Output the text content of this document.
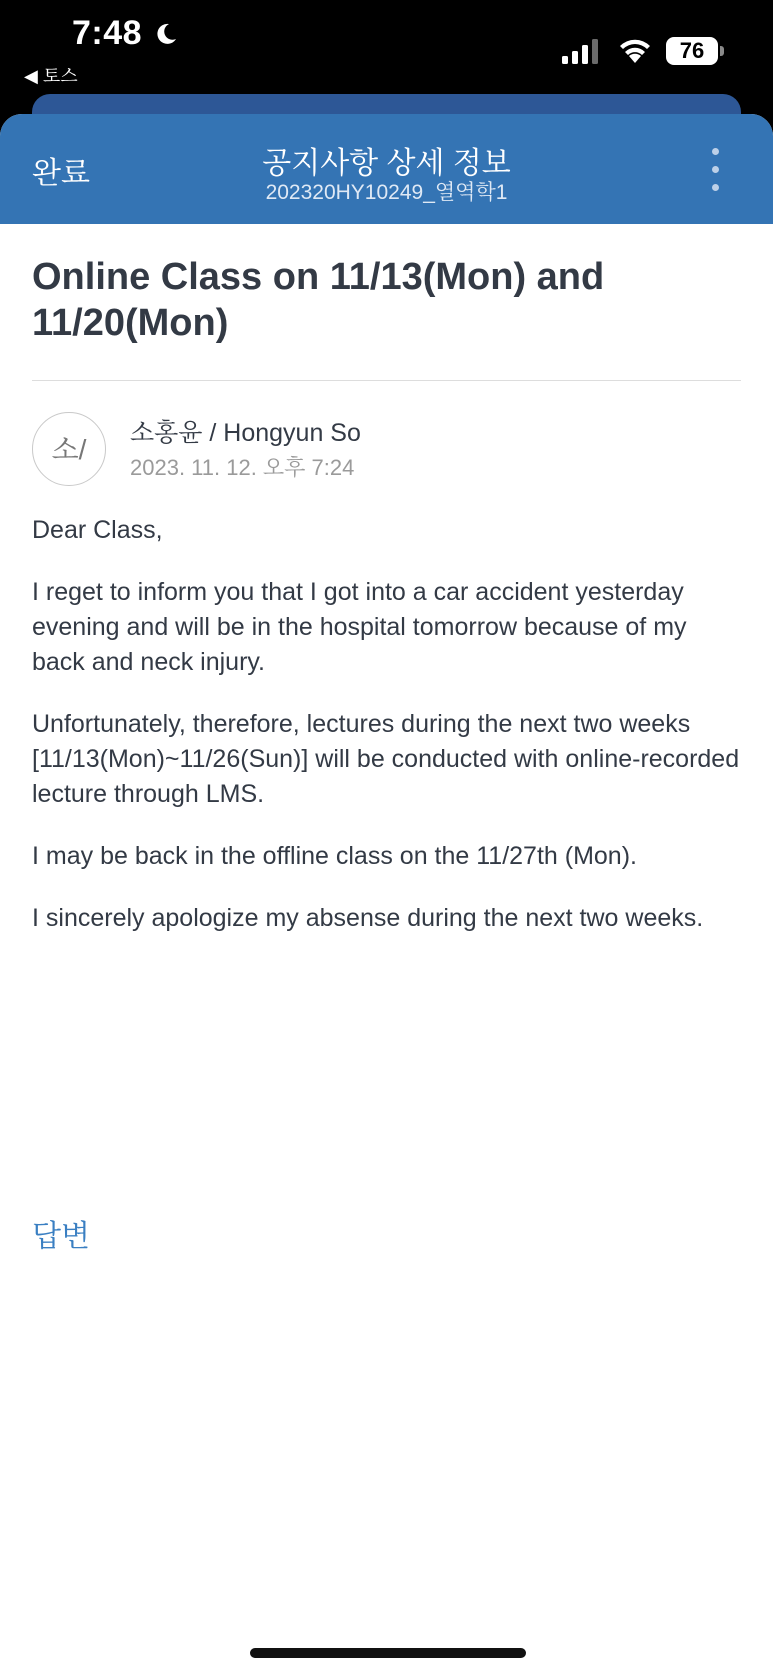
7:48
◀ 토스
76
완료	공지사항 상세 정보
202320HY10249_열역학1
Online Class on 11/13(Mon) and 11/20(Mon)
소/
소홍윤 / Hongyun So
2023. 11. 12. 오후 7:24

Dear Class,

I reget to inform you that I got into a car accident yesterday evening and will be in the hospital tomorrow because of my back and neck injury.

Unfortunately, therefore, lectures during the next two weeks [11/13(Mon)~11/26(Sun)] will be conducted with online-recorded lecture through LMS.

I may be back in the offline class on the 11/27th (Mon).

I sincerely apologize my absense during the next two weeks.

답변
